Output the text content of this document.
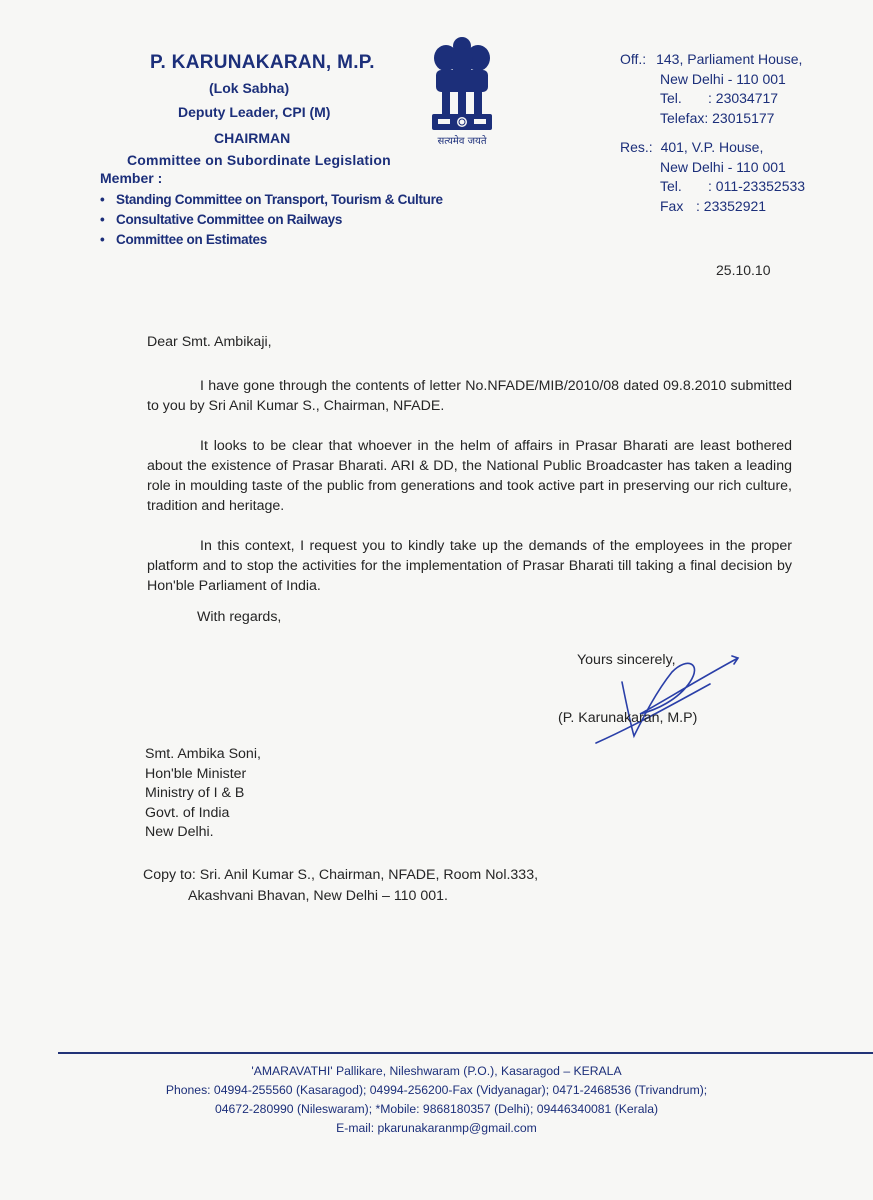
P. KARUNAKARAN, M.P.
(Lok Sabha)
Deputy Leader, CPI (M)
CHAIRMAN
Committee on Subordinate Legislation
Member :
• Standing Committee on Transport, Tourism & Culture
• Consultative Committee on Railways
• Committee on Estimates
सत्यमेव जयते
Off.: 143, Parliament House,
New Delhi - 110 001
Tel. : 23034717
Telefax: 23015177
Res.: 401, V.P. House,
New Delhi - 110 001
Tel. : 011-23352533
Fax : 23352921
25.10.10
Dear Smt. Ambikaji,
I have gone through the contents of letter No.NFADE/MIB/2010/08 dated 09.8.2010 submitted to you by Sri Anil Kumar S., Chairman, NFADE.
It looks to be clear that whoever in the helm of affairs in Prasar Bharati are least bothered about the existence of Prasar Bharati. ARI & DD, the National Public Broadcaster has taken a leading role in moulding taste of the public from generations and took active part in preserving our rich culture, tradition and heritage.
In this context, I request you to kindly take up the demands of the employees in the proper platform and to stop the activities for the implementation of Prasar Bharati till taking a final decision by Hon'ble Parliament of India.
With regards,
Yours sincerely,
(P. Karunakaran, M.P)
Smt. Ambika Soni,
Hon'ble Minister
Ministry of I & B
Govt. of India
New Delhi.
Copy to: Sri. Anil Kumar S., Chairman, NFADE, Room Nol.333,
Akashvani Bhavan, New Delhi – 110 001.
'AMARAVATHI' Pallikare, Nileshwaram (P.O.), Kasaragod – KERALA
Phones: 04994-255560 (Kasaragod); 04994-256200-Fax (Vidyanagar); 0471-2468536 (Trivandrum);
04672-280990 (Nileswaram); *Mobile: 9868180357 (Delhi); 09446340081 (Kerala)
E-mail: pkarunakaranmp@gmail.com
